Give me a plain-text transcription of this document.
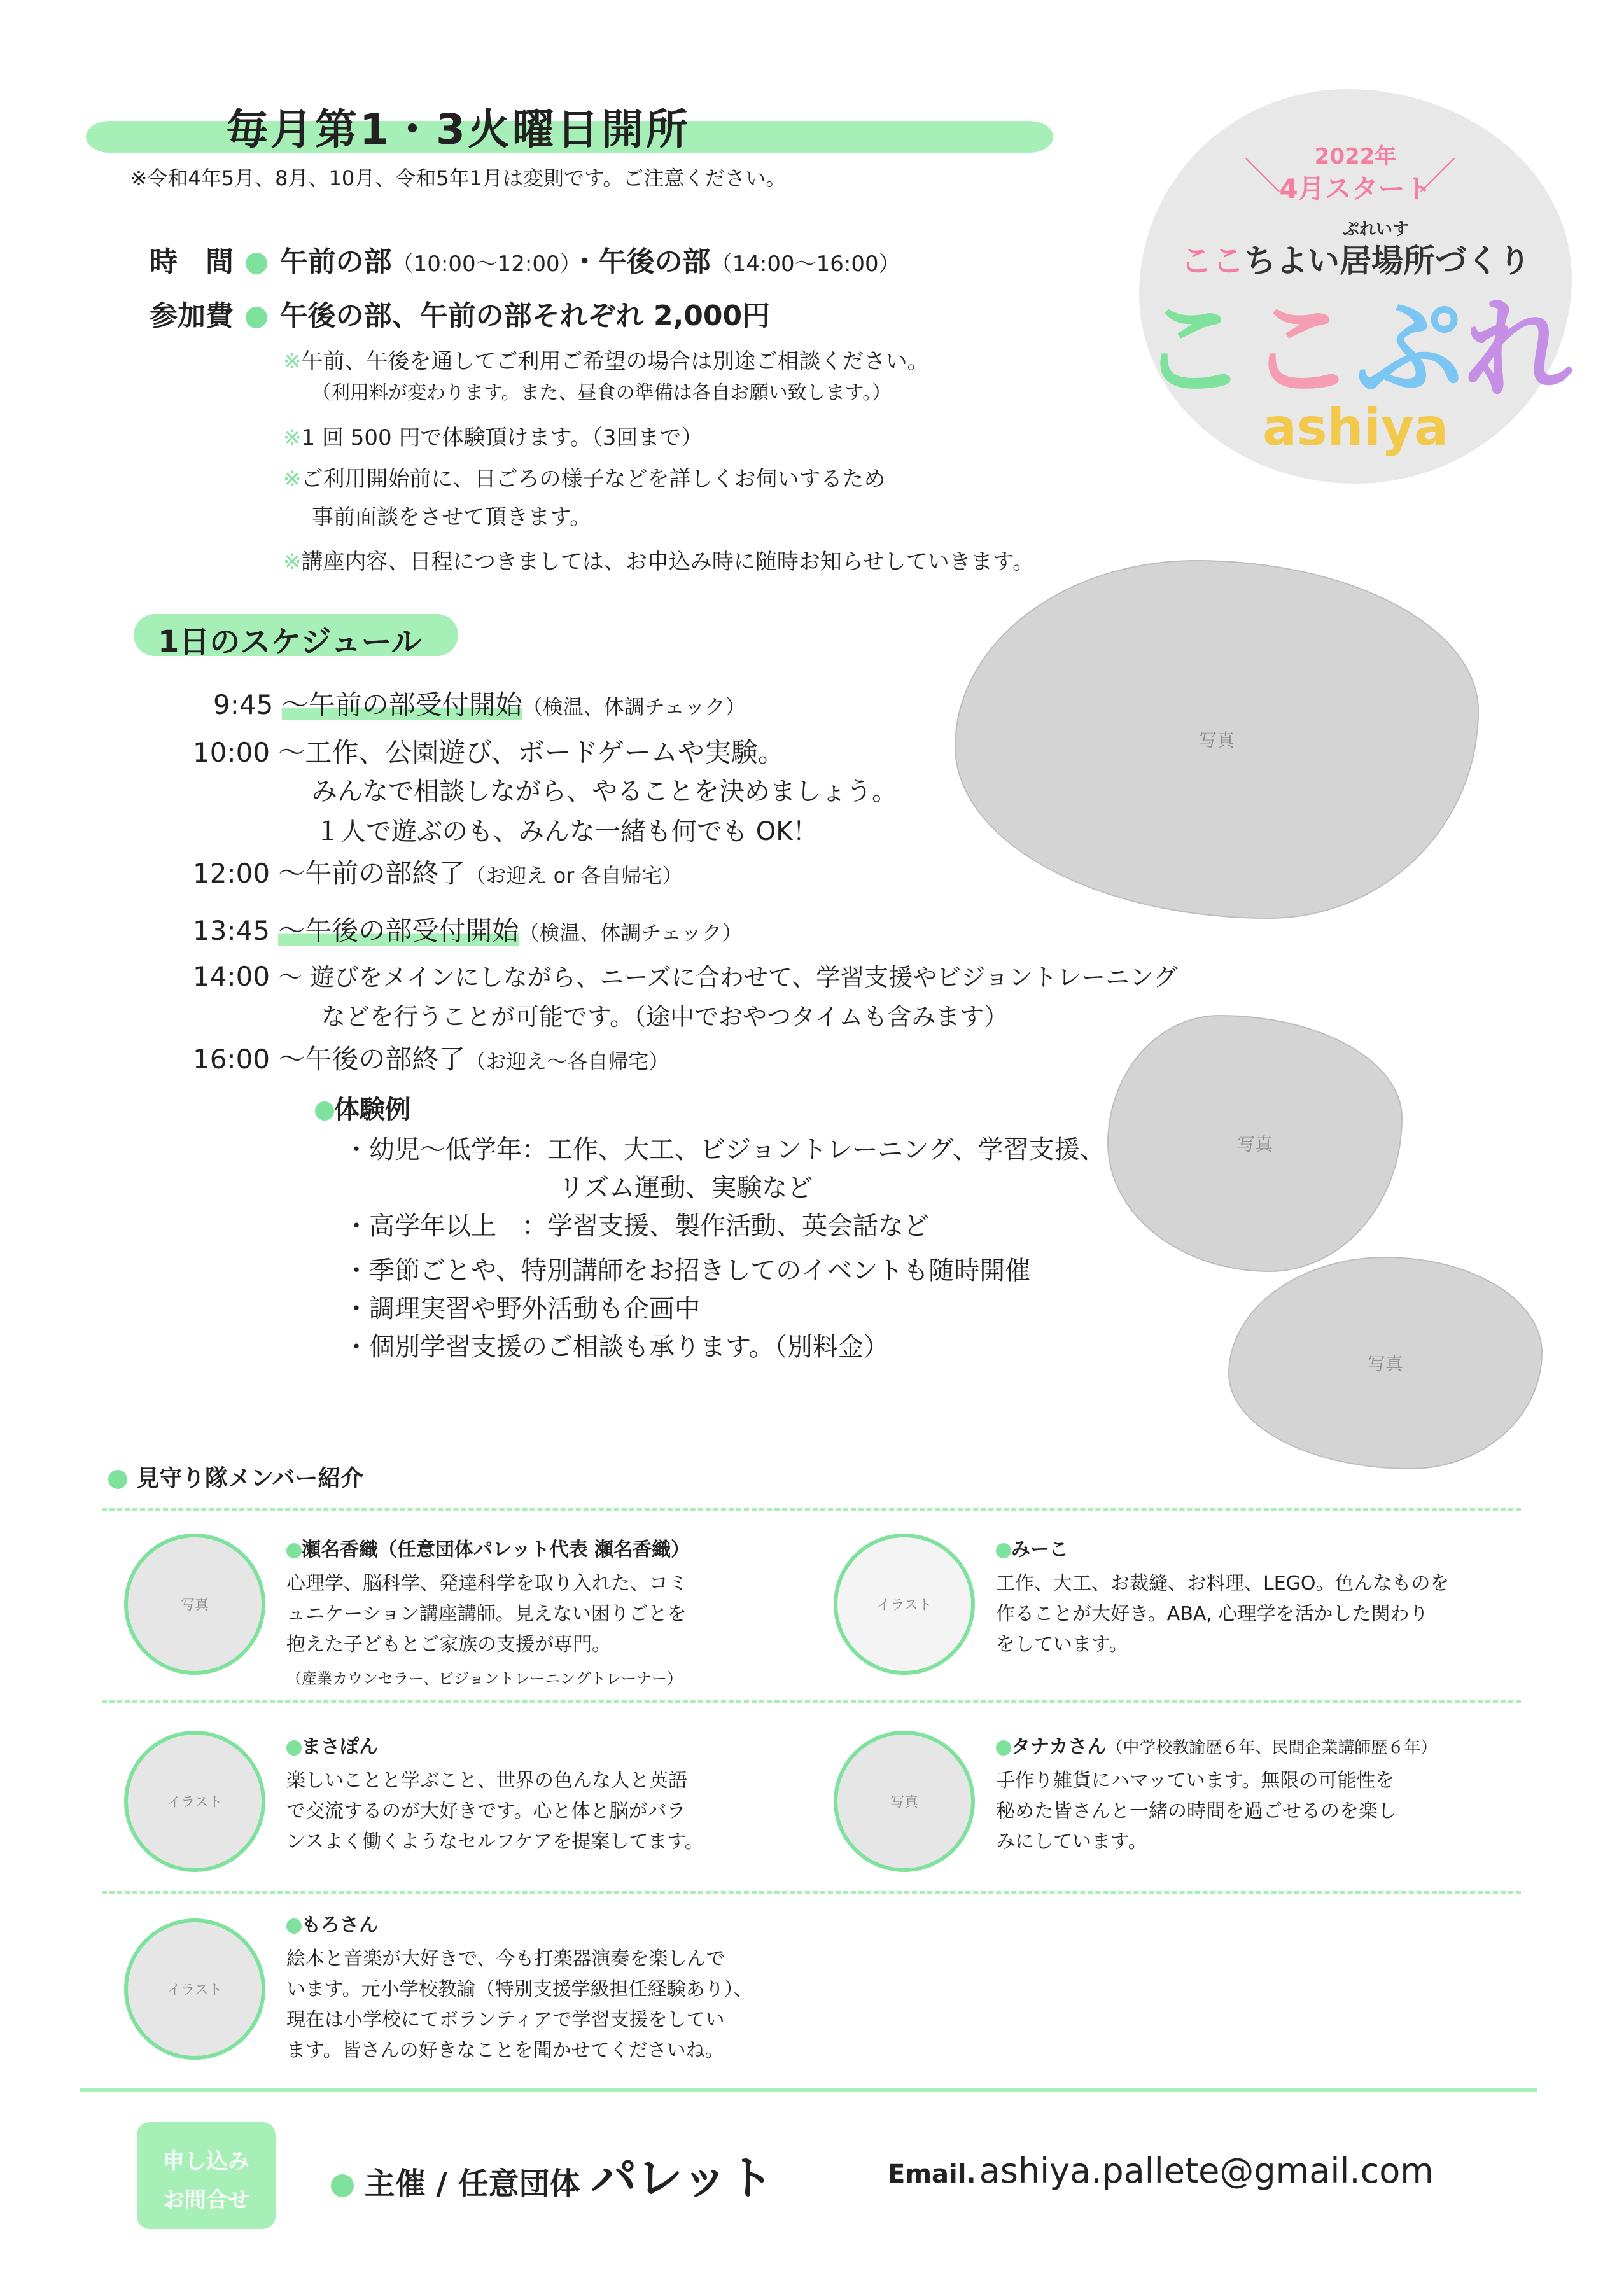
毎月第1・3火曜日開所
※令和4年5月、8月、10月、令和5年1月は変則です。ご注意ください。	＼	／
2022年
4月スタート
ぷれいす
ここちよい居場所づくり
ここぷれ
ashiya
時　間 午前の部（10:00〜12:00）・午後の部（14:00〜16:00）
参加費 午後の部、午前の部それぞれ 2,000円
※午前、午後を通してご利用ご希望の場合は別途ご相談ください。
（利用料が変わります。また、昼食の準備は各自お願い致します。）
※1 回 500 円で体験頂けます。（3回まで）
※ご利用開始前に、日ごろの様子などを詳しくお伺いするため
事前面談をさせて頂きます。
※講座内容、日程につきましては、お申込み時に随時お知らせしていきます。
1日のスケジュール
9:45 〜午前の部受付開始（検温、体調チェック）
10:00 〜工作、公園遊び、ボードゲームや実験。
みんなで相談しながら、やることを決めましょう。
１人で遊ぶのも、みんな一緒も何でも OK！
12:00 〜午前の部終了（お迎え or 各自帰宅）
13:45 〜午後の部受付開始（検温、体調チェック）
14:00 〜 遊びをメインにしながら、ニーズに合わせて、学習支援やビジョントレーニング
などを行うことが可能です。（途中でおやつタイムも含みます）
16:00 〜午後の部終了（お迎え〜各自帰宅）
体験例
・幼児〜低学年：工作、大工、ビジョントレーニング、学習支援、
リズム運動、実験など
・高学年以上　：学習支援、製作活動、英会話など
・季節ごとや、特別講師をお招きしてのイベントも随時開催
・調理実習や野外活動も企画中
・個別学習支援のご相談も承ります。（別料金）
写真
写真
写真
見守り隊メンバー紹介
写真
瀬名香織（任意団体パレット代表 瀬名香織）
心理学、脳科学、発達科学を取り入れた、コミ
ュニケーション講座講師。見えない困りごとを
抱えた子どもとご家族の支援が専門。
（産業カウンセラー、ビジョントレーニングトレーナー）
イラスト
みーこ
工作、大工、お裁縫、お料理、LEGO。色んなものを
作ることが大好き。ABA, 心理学を活かした関わり
をしています。
イラスト
まさぽん
楽しいことと学ぶこと、世界の色んな人と英語
で交流するのが大好きです。心と体と脳がバラ
ンスよく働くようなセルフケアを提案してます。
写真
タナカさん（中学校教諭歴６年、民間企業講師歴６年）
手作り雑貨にハマッています。無限の可能性を
秘めた皆さんと一緒の時間を過ごせるのを楽し
みにしています。
イラスト
もろさん
絵本と音楽が大好きで、今も打楽器演奏を楽しんで
います。元小学校教諭（特別支援学級担任経験あり）、
現在は小学校にてボランティアで学習支援をしてい
ます。皆さんの好きなことを聞かせてくださいね。
申し込み
お問合せ	主催 / 任意団体 パレット	Email. ashiya.pallete@gmail.com
